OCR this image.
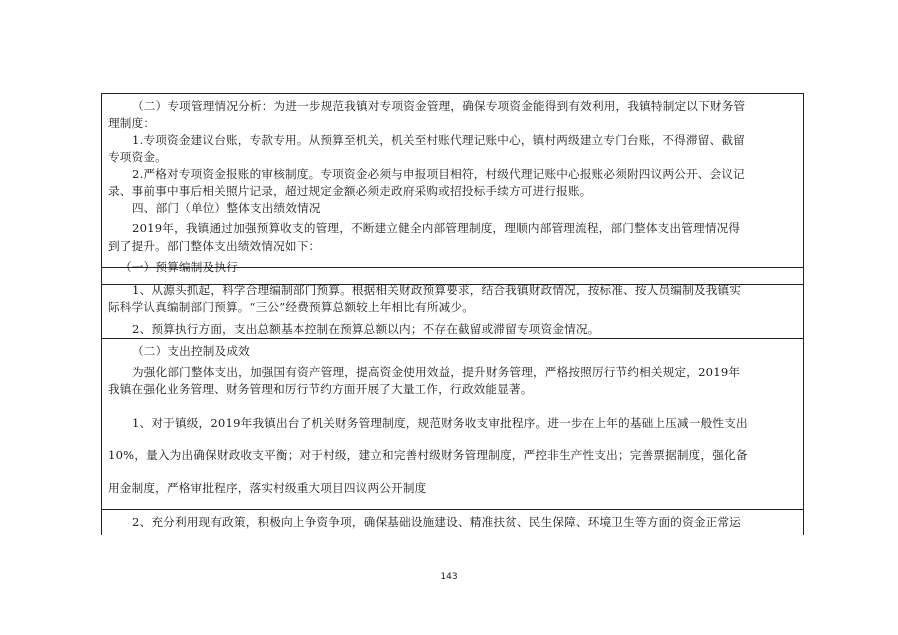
（二）专项管理情况分析：为进一步规范我镇对专项资金管理，确保专项资金能得到有效利用，我镇特制定以下财务管
理制度：
1.专项资金建议台账，专款专用。从预算至机关，机关至村账代理记账中心，镇村两级建立专门台账，不得滞留、截留
专项资金。
2.严格对专项资金报账的审核制度。专项资金必须与申报项目相符，村级代理记账中心报账必须附四议两公开、会议记
录、事前事中事后相关照片记录，超过规定金额必须走政府采购或招投标手续方可进行报账。
四、部门（单位）整体支出绩效情况
2019年，我镇通过加强预算收支的管理，不断建立健全内部管理制度，理顺内部管理流程，部门整体支出管理情况得
到了提升。部门整体支出绩效情况如下：
（一）预算编制及执行
1、从源头抓起，科学合理编制部门预算。根据相关财政预算要求，结合我镇财政情况，按标准、按人员编制及我镇实
际科学认真编制部门预算。“三公”经费预算总额较上年相比有所减少。
2、预算执行方面，支出总额基本控制在预算总额以内；不存在截留或滞留专项资金情况。
（二）支出控制及成效
为强化部门整体支出，加强国有资产管理，提高资金使用效益，提升财务管理，严格按照厉行节约相关规定，2019年
我镇在强化业务管理、财务管理和厉行节约方面开展了大量工作，行政效能显著。
1、对于镇级，2019年我镇出台了机关财务管理制度，规范财务收支审批程序。进一步在上年的基础上压减一般性支出
10%，量入为出确保财政收支平衡；对于村级，建立和完善村级财务管理制度，严控非生产性支出；完善票据制度，强化备
用金制度，严格审批程序，落实村级重大项目四议两公开制度
2、充分利用现有政策，积极向上争资争项，确保基础设施建设、精准扶贫、民生保障、环境卫生等方面的资金正常运
143
